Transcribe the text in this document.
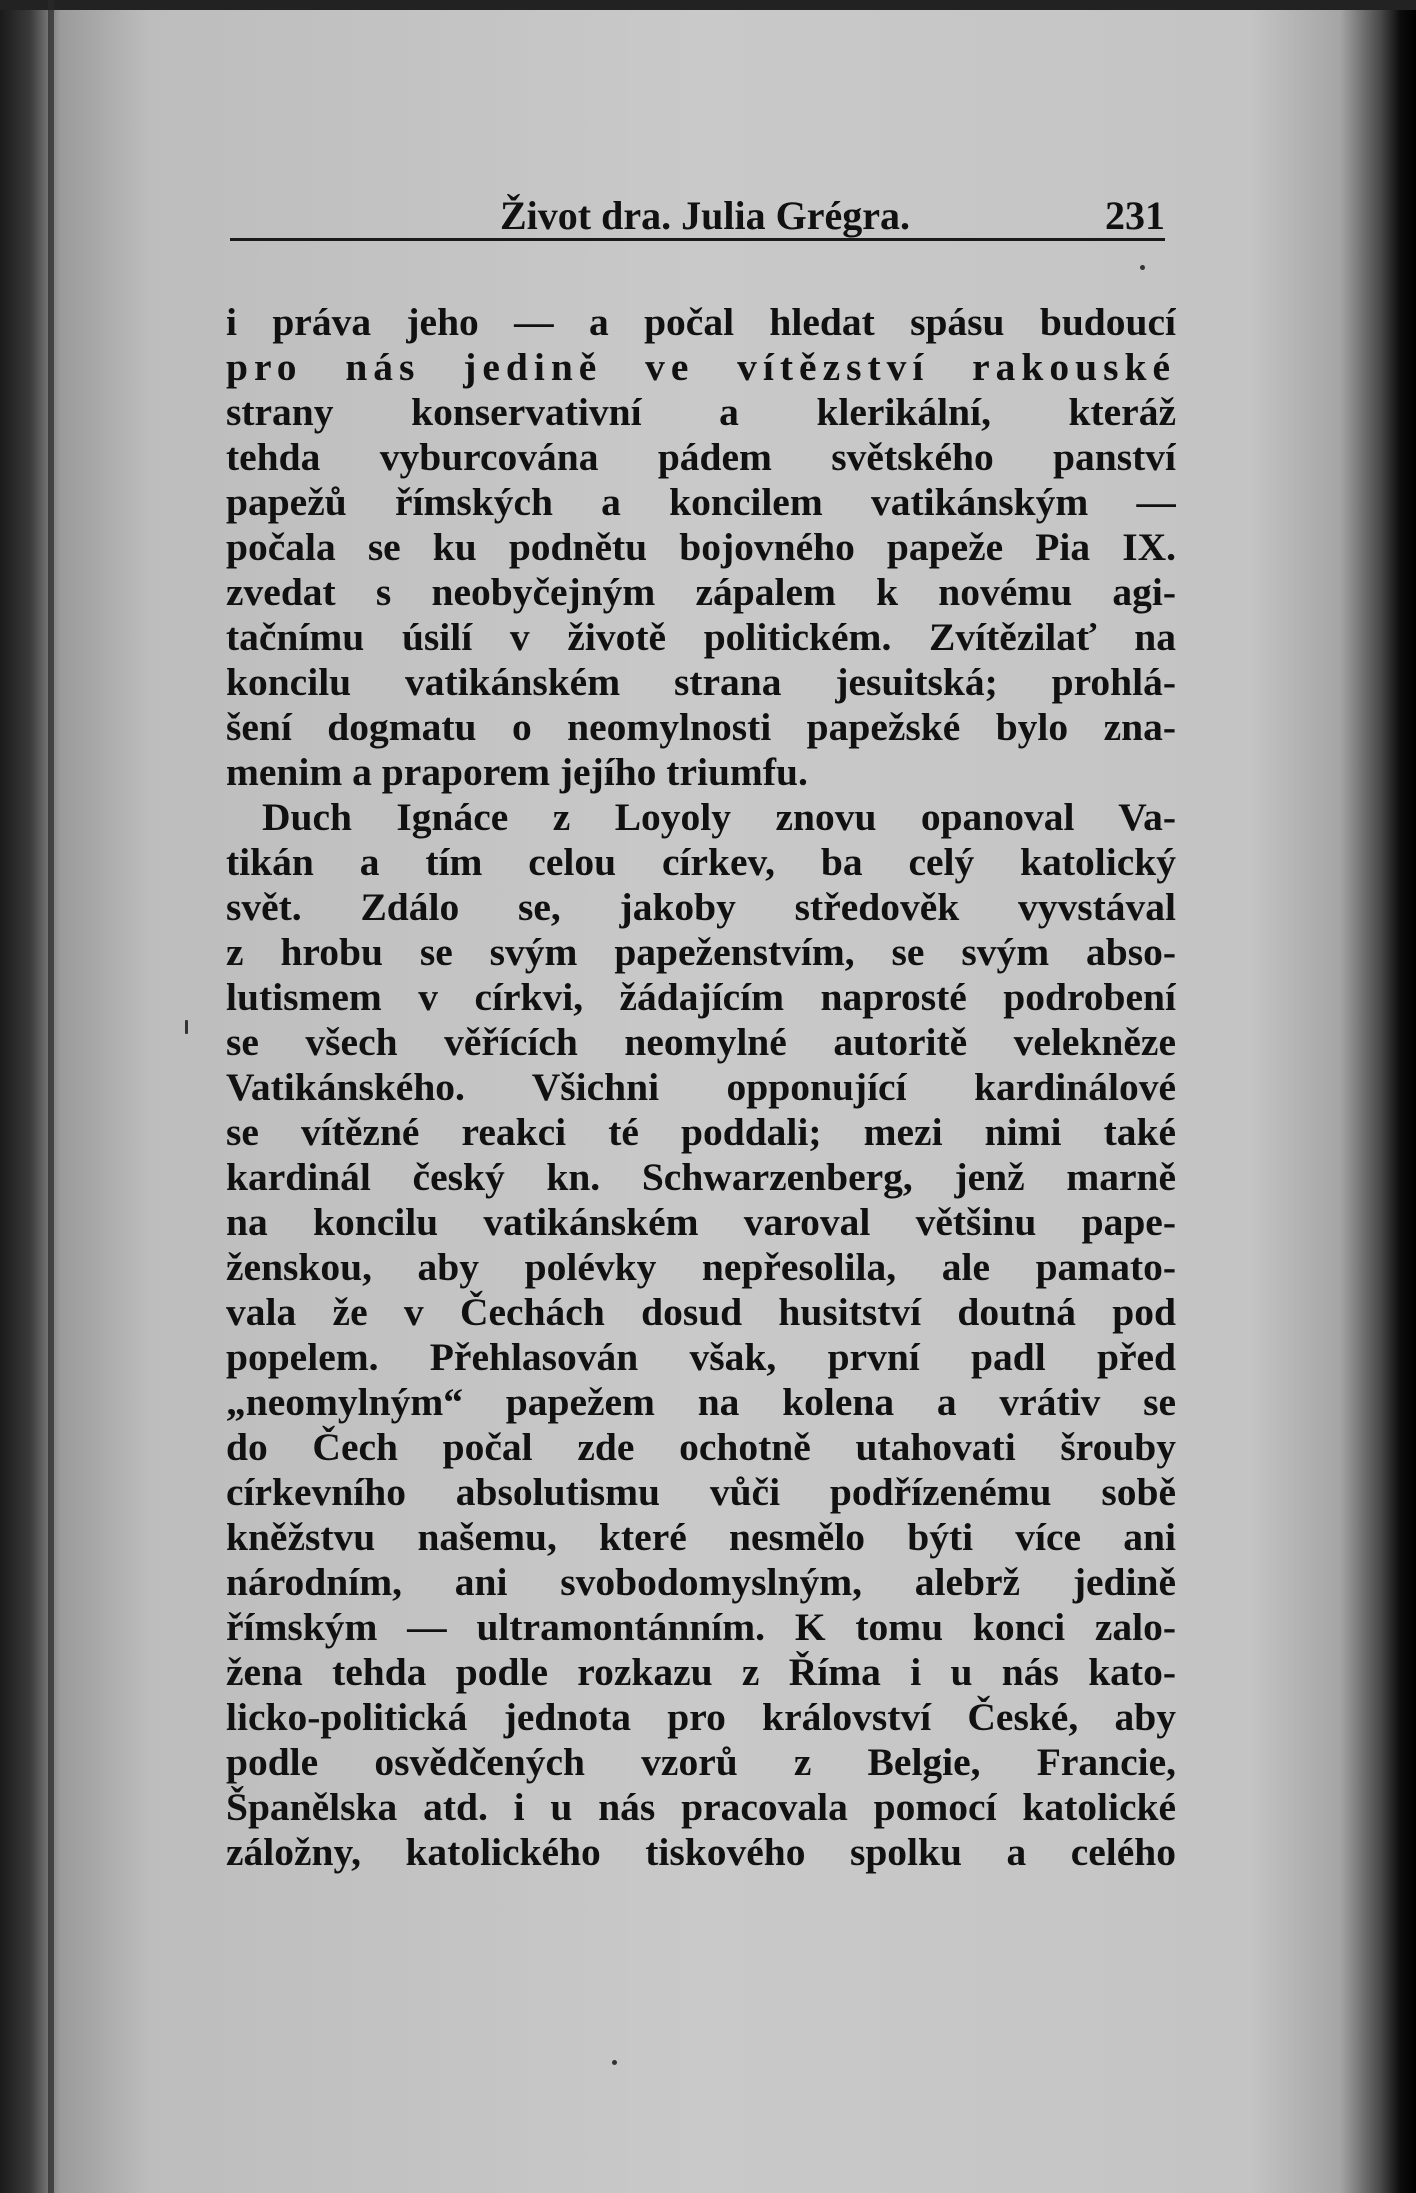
Život dra. Julia Grégra.	231
i práva jeho — a počal hledat spásu budoucí
pro nás jedině ve vítězství rakouské
strany konservativní a klerikální, kteráž
tehda vyburcována pádem světského panství
papežů římských a koncilem vatikánským —
počala se ku podnětu bojovného papeže Pia IX.
zvedat s neobyčejným zápalem k novému agi-
tačnímu úsilí v životě politickém. Zvítězilať na
koncilu vatikánském strana jesuitská; prohlá-
šení dogmatu o neomylnosti papežské bylo zna-
menim a praporem jejího triumfu.
Duch Ignáce z Loyoly znovu opanoval Va-
tikán a tím celou církev, ba celý katolický
svět. Zdálo se, jakoby středověk vyvstával
z hrobu se svým papeženstvím, se svým abso-
lutismem v církvi, žádajícím naprosté podrobení
se všech věřících neomylné autoritě velekněze
Vatikánského. Všichni opponující kardinálové
se vítězné reakci té poddali; mezi nimi také
kardinál český kn. Schwarzenberg, jenž marně
na koncilu vatikánském varoval většinu pape-
ženskou, aby polévky nepřesolila, ale pamato-
vala že v Čechách dosud husitství doutná pod
popelem. Přehlasován však, první padl před
„neomylným“ papežem na kolena a vrátiv se
do Čech počal zde ochotně utahovati šrouby
církevního absolutismu vůči podřízenému sobě
kněžstvu našemu, které nesmělo býti více ani
národním, ani svobodomyslným, alebrž jedině
římským — ultramontánním. K tomu konci zalo-
žena tehda podle rozkazu z Říma i u nás kato-
licko-politická jednota pro království České, aby
podle osvědčených vzorů z Belgie, Francie,
Španělska atd. i u nás pracovala pomocí katolické
záložny, katolického tiskového spolku a celého
